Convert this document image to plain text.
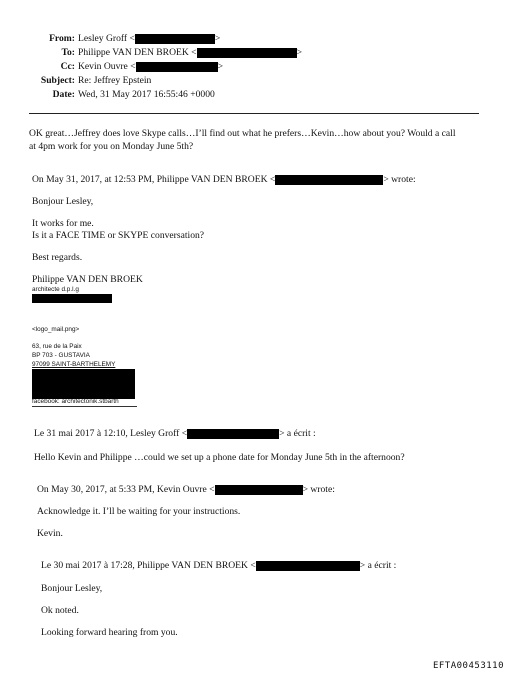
From: Lesley Groff <	>
To: Philippe VAN DEN BROEK <	>
Cc: Kevin Ouvre <	>
Subject: Re: Jeffrey Epstein
Date: Wed, 31 May 2017 16:55:46 +0000
OK great…Jeffrey does love Skype calls…I’ll find out what he prefers…Kevin…how about you? Would a call
at 4pm work for you on Monday June 5th?
On May 31, 2017, at 12:53 PM, Philippe VAN DEN BROEK <	> wrote:
Bonjour Lesley,
It works for me.
Is it a FACE TIME or SKYPE conversation?
Best regards.
Philippe VAN DEN BROEK
architecte d.p.l.g
<logo_mail.png>
63, rue de la Paix
BP 703 - GUSTAVIA
97099 SAINT-BARTHELEMY
facebook: architectonik.stbarth
Le 31 mai 2017 à 12:10, Lesley Groff <	> a écrit :
Hello Kevin and Philippe …could we set up a phone date for Monday June 5th in the afternoon?
On May 30, 2017, at 5:33 PM, Kevin Ouvre <	> wrote:
Acknowledge it. I’ll be waiting for your instructions.
Kevin.
Le 30 mai 2017 à 17:28, Philippe VAN DEN BROEK <	> a écrit :
Bonjour Lesley,
Ok noted.
Looking forward hearing from you.
EFTA00453110
